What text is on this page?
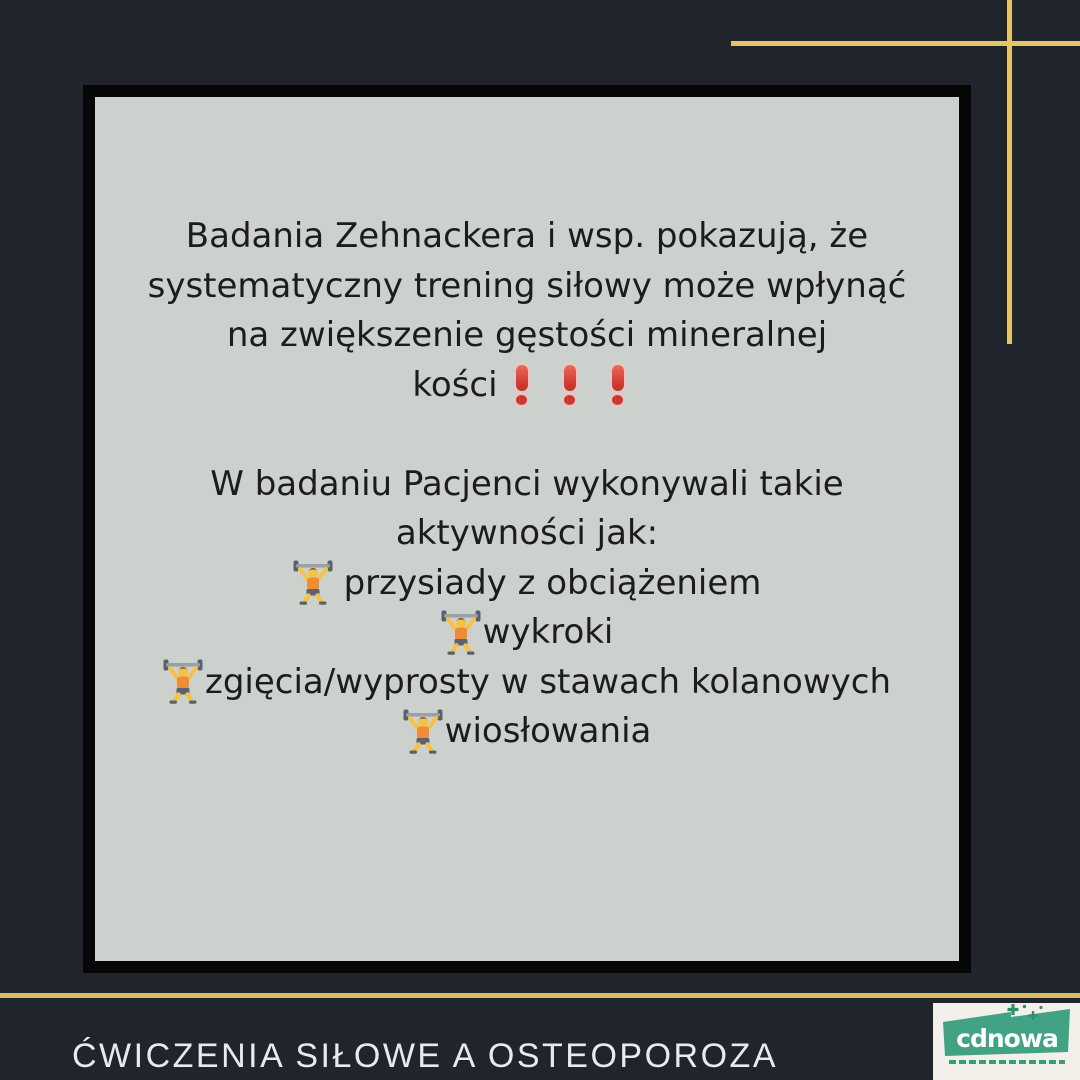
Badania Zehnackera i wsp. pokazują, że
systematyczny trening siłowy może wpłynąć
na zwiększenie gęstości mineralnej
kości
W badaniu Pacjenci wykonywali takie
aktywności jak:
przysiady z obciążeniem
wykroki
zgięcia/wyprosty w stawach kolanowych
wiosłowania
ĆWICZENIA SIŁOWE A OSTEOPOROZA	cdnowa
